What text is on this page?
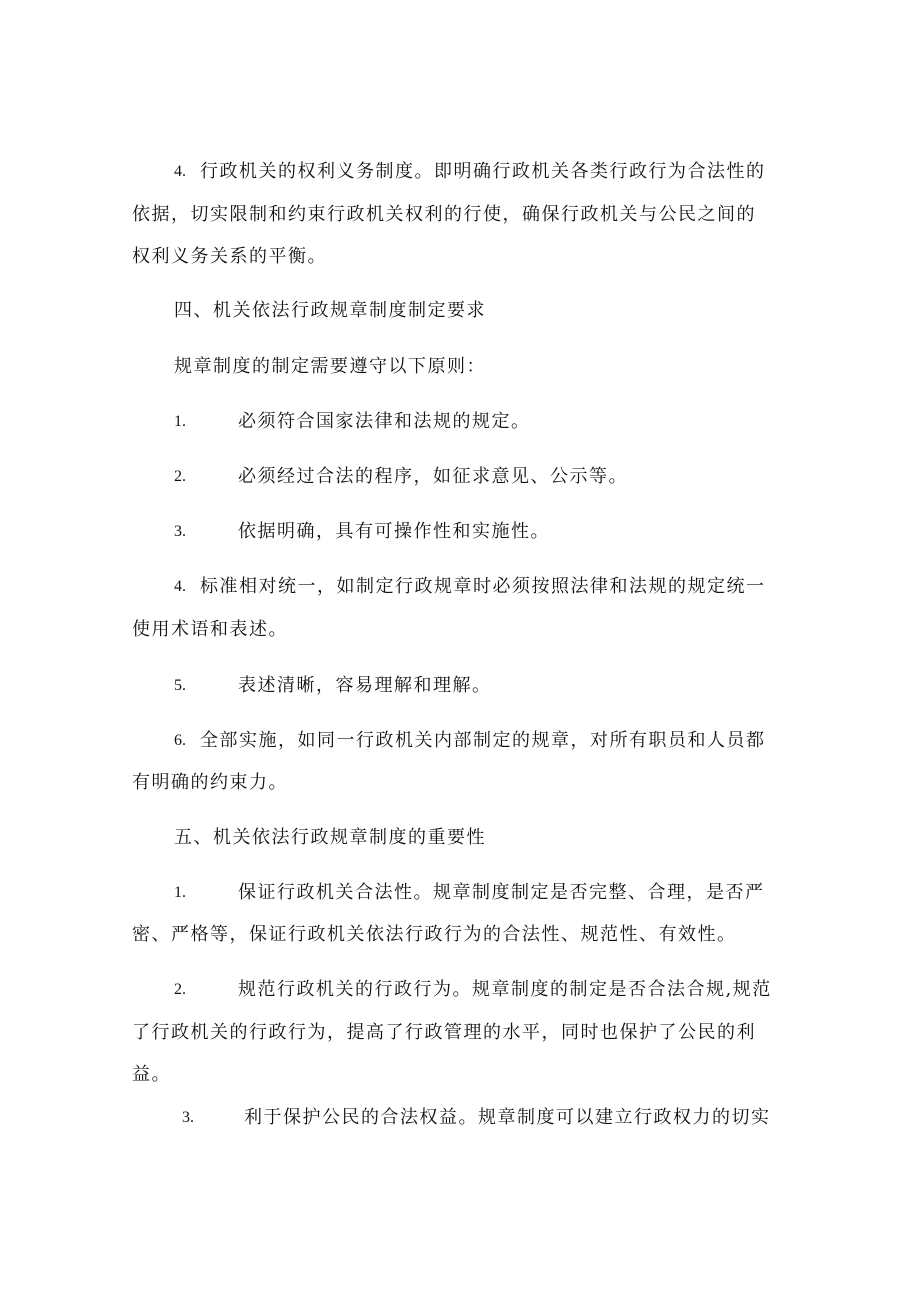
4. 行政机关的权利义务制度。即明确行政机关各类行政行为合法性的
依据，切实限制和约束行政机关权利的行使，确保行政机关与公民之间的
权利义务关系的平衡。
四、机关依法行政规章制度制定要求
规章制度的制定需要遵守以下原则：
1.	必须符合国家法律和法规的规定。
2.	必须经过合法的程序，如征求意见、公示等。
3.	依据明确，具有可操作性和实施性。
4. 标准相对统一，如制定行政规章时必须按照法律和法规的规定统一
使用术语和表述。
5.	表述清晰，容易理解和理解。
6. 全部实施，如同一行政机关内部制定的规章，对所有职员和人员都
有明确的约束力。
五、机关依法行政规章制度的重要性
1.	保证行政机关合法性。规章制度制定是否完整、合理，是否严
密、严格等，保证行政机关依法行政行为的合法性、规范性、有效性。
2.	规范行政机关的行政行为。规章制度的制定是否合法合规,规范
了行政机关的行政行为，提高了行政管理的水平，同时也保护了公民的利
益。
3.	利于保护公民的合法权益。规章制度可以建立行政权力的切实
